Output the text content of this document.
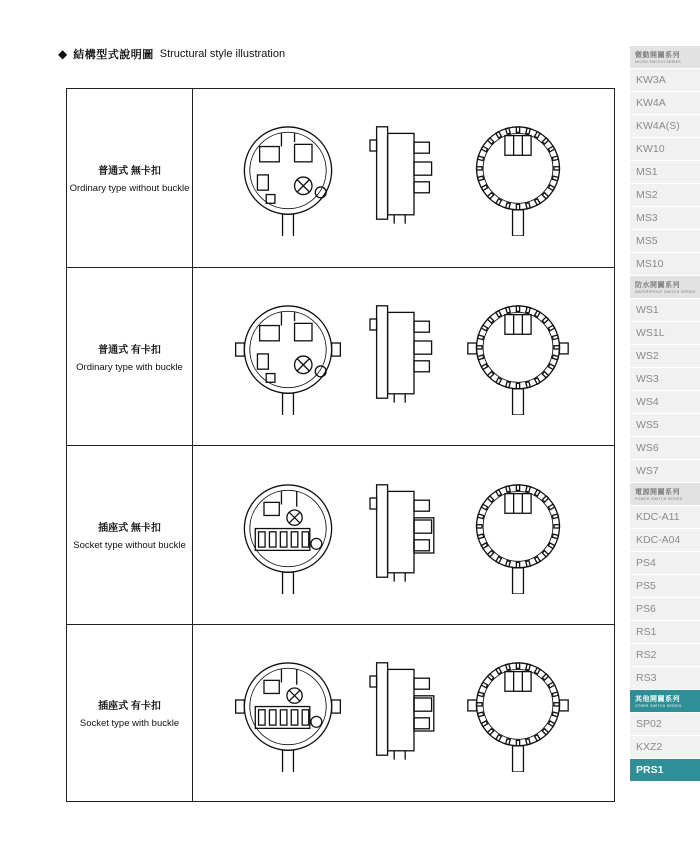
◆ 結構型式說明圖 Structural style illustration
普通式 無卡扣
Ordinary type without buckle
普通式 有卡扣
Ordinary type with buckle
插座式 無卡扣
Socket type without buckle
插座式 有卡扣
Socket type with buckle
微動開關系列
MICRO SWITCH SERIES
KW3A
KW4A
KW4A(S)
KW10
MS1
MS2
MS3
MS5
MS10
防水開關系列
WATERPROOF SWITCH SERIES
WS1
WS1L
WS2
WS3
WS4
WS5
WS6
WS7
電源開關系列
POWER SWITCH SERIES
KDC-A11
KDC-A04
PS4
PS5
PS6
RS1
RS2
RS3
其他開關系列
OTHER SWITCH SERIES
SP02
KXZ2
PRS1
